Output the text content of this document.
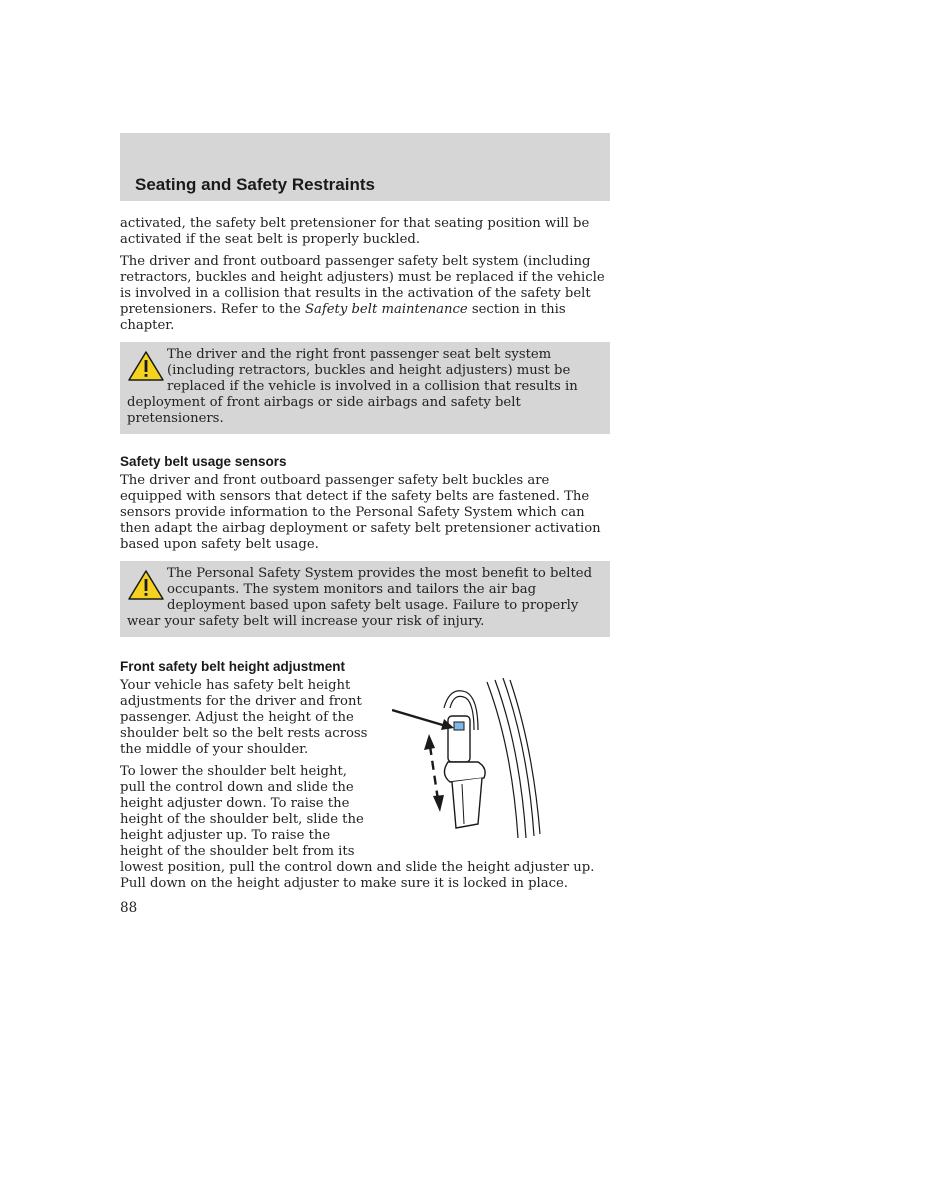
Seating and Safety Restraints

activated, the safety belt pretensioner for that seating position will be activated if the seat belt is properly buckled.

The driver and front outboard passenger safety belt system (including retractors, buckles and height adjusters) must be replaced if the vehicle is involved in a collision that results in the activation of the safety belt pretensioners. Refer to the Safety belt maintenance section in this chapter.

The driver and the right front passenger seat belt system (including retractors, buckles and height adjusters) must be replaced if the vehicle is involved in a collision that results in deployment of front airbags or side airbags and safety belt pretensioners.
Safety belt usage sensors

The driver and front outboard passenger safety belt buckles are equipped with sensors that detect if the safety belts are fastened. The sensors provide information to the Personal Safety System which can then adapt the airbag deployment or safety belt pretensioner activation based upon safety belt usage.

The Personal Safety System provides the most benefit to belted occupants. The system monitors and tailors the air bag deployment based upon safety belt usage. Failure to properly wear your safety belt will increase your risk of injury.
Front safety belt height adjustment

Your vehicle has safety belt height adjustments for the driver and front passenger. Adjust the height of the shoulder belt so the belt rests across the middle of your shoulder.

To lower the shoulder belt height, pull the control down and slide the height adjuster down. To raise the height of the shoulder belt, slide the height adjuster up. To raise the height of the shoulder belt from its lowest position, pull the control down and slide the height adjuster up. Pull down on the height adjuster to make sure it is locked in place.

88
